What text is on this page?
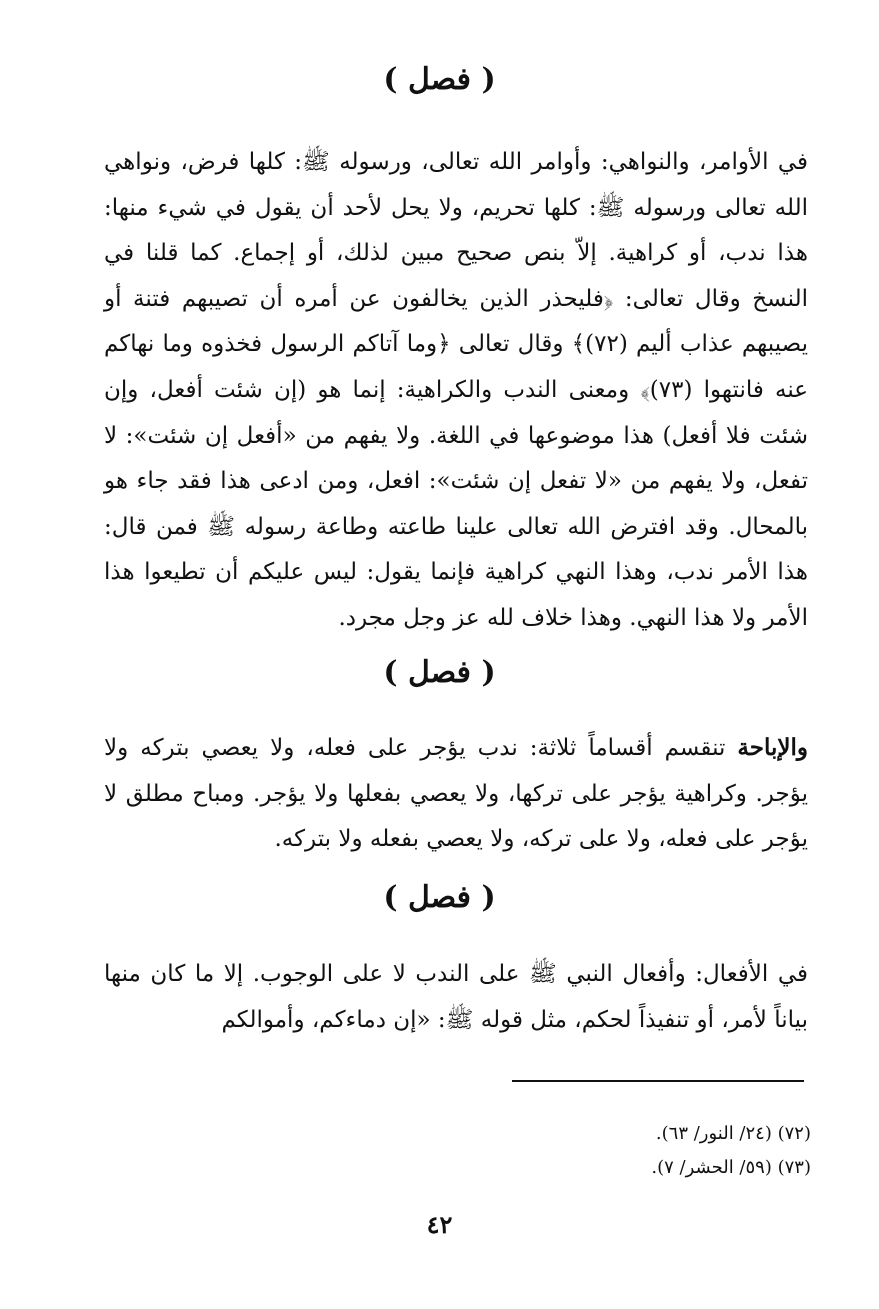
( فصل )
في الأوامر، والنواهي: وأوامر الله تعالى، ورسوله ﷺ: كلها فرض، ونواهي الله تعالى ورسوله ﷺ: كلها تحريم، ولا يحل لأحد أن يقول في شيء منها: هذا ندب، أو كراهية. إلاّ بنص صحيح مبين لذلك، أو إجماع. كما قلنا في النسخ وقال تعالى: ﴿فليحذر الذين يخالفون عن أمره أن تصيبهم فتنة أو يصيبهم عذاب أليم (٧٢)﴾ وقال تعالى ﴿وما آتاكم الرسول فخذوه وما نهاكم عنه فانتهوا (٧٣)﴾ ومعنى الندب والكراهية: إنما هو (إن شئت أفعل، وإن شئت فلا أفعل) هذا موضوعها في اللغة. ولا يفهم من «أفعل إن شئت»: لا تفعل، ولا يفهم من «لا تفعل إن شئت»: افعل، ومن ادعى هذا فقد جاء هو بالمحال. وقد افترض الله تعالى علينا طاعته وطاعة رسوله ﷺ فمن قال: هذا الأمر ندب، وهذا النهي كراهية فإنما يقول: ليس عليكم أن تطيعوا هذا الأمر ولا هذا النهي. وهذا خلاف لله عز وجل مجرد.
( فصل )
والإباحة تنقسم أقساماً ثلاثة: ندب يؤجر على فعله، ولا يعصي بتركه ولا يؤجر. وكراهية يؤجر على تركها، ولا يعصي بفعلها ولا يؤجر. ومباح مطلق لا يؤجر على فعله، ولا على تركه، ولا يعصي بفعله ولا بتركه.
( فصل )
في الأفعال: وأفعال النبي ﷺ على الندب لا على الوجوب. إلا ما كان منها بياناً لأمر، أو تنفيذاً لحكم، مثل قوله ﷺ: «إن دماءكم، وأموالكم
(٧٢) (٢٤/ النور/ ٦٣).
(٧٣) (٥٩/ الحشر/ ٧).
٤٢
